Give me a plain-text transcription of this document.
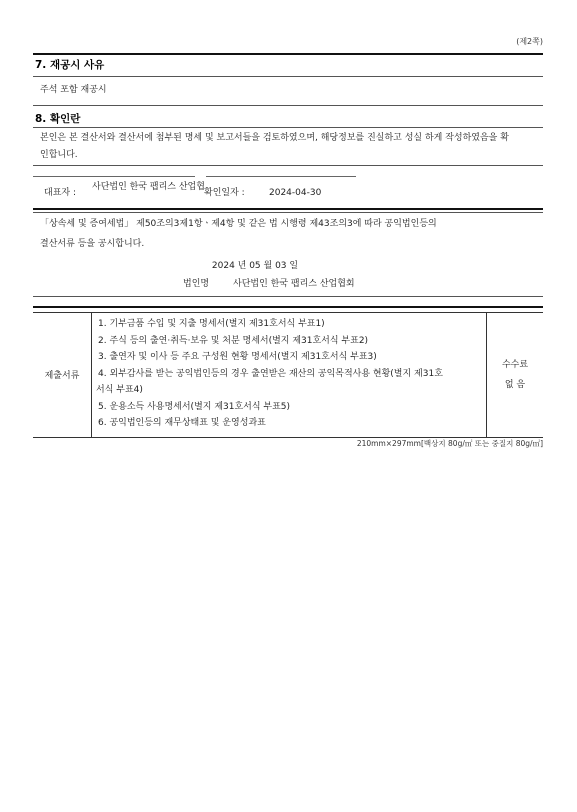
(제2쪽)
7. 재공시 사유
주석 포함 재공시
8. 확인란
본인은 본 결산서와 결산서에 첨부된 명세 및 보고서들을 검토하였으며, 해당정보를 진실하고 성실 하게 작성하였음을 확
인합니다.
대표자 :
사단법인 한국 팹리스 산업협
확인일자 :	2024-04-30
「상속세 및 증여세법」 제50조의3제1항ㆍ제4항 및 같은 법 시행령 제43조의3에 따라 공익법인등의
결산서류 등을 공시합니다.
2024 년 05 월 03 일
법인명	사단법인 한국 팹리스 산업협회
제출서류	
1. 기부금품 수입 및 지출 명세서(별지 제31호서식 부표1)
2. 주식 등의 출연·취득·보유 및 처분 명세서(별지 제31호서식 부표2)
3. 출연자 및 이사 등 주요 구성원 현황 명세서(별지 제31호서식 부표3)
4. 외부감사를 받는 공익법인등의 경우 출연받은 재산의 공익목적사용 현황(별지 제31호
서식 부표4)
5. 운용소득 사용명세서(별지 제31호서식 부표5)
6. 공익법인등의 재무상태표 및 운영성과표

수수료
없 음
210mm×297mm[백상지 80g/㎡ 또는 중질지 80g/㎡]
